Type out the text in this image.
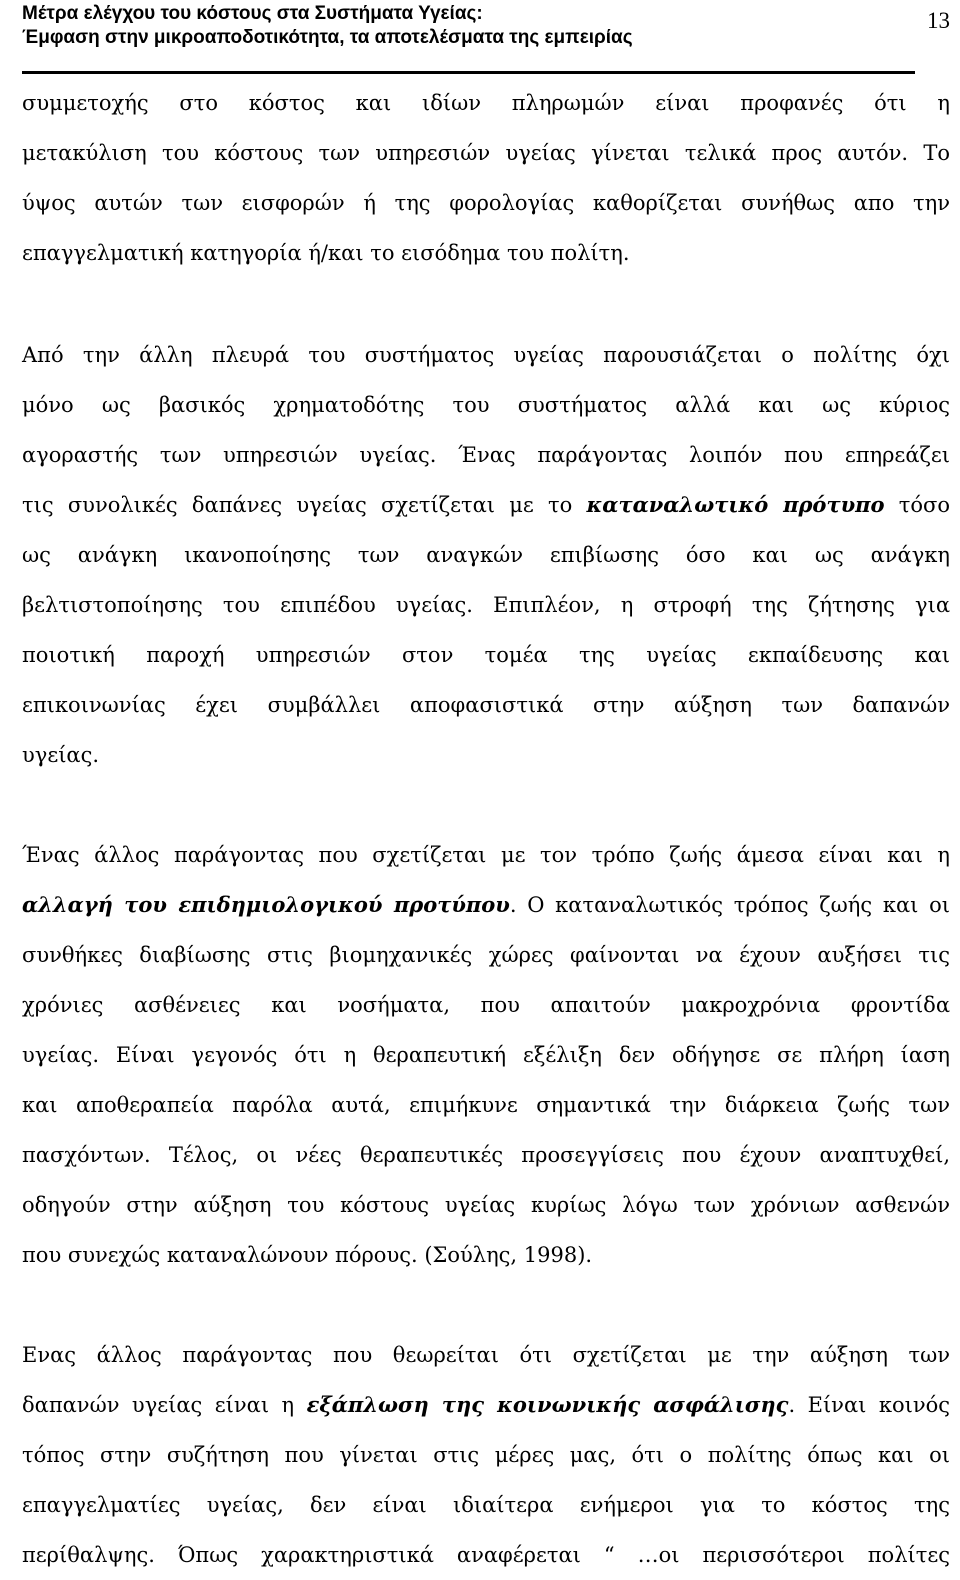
Μέτρα ελέγχου του κόστους στα Συστήματα Υγείας:
Έμφαση στην μικροαποδοτικότητα, τα αποτελέσματα της εμπειρίας
13
συμμετοχής στο κόστος και ιδίων πληρωμών είναι προφανές ότι η
μετακύλιση του κόστους των υπηρεσιών υγείας γίνεται τελικά προς αυτόν. Το
ύψος αυτών των εισφορών ή της φορολογίας καθορίζεται συνήθως απο την
επαγγελματική κατηγορία ή/και το εισόδημα του πολίτη.
Από την άλλη πλευρά του συστήματος υγείας παρουσιάζεται ο πολίτης όχι
μόνο ως βασικός χρηματοδότης του συστήματος αλλά και ως κύριος
αγοραστής των υπηρεσιών υγείας. Ένας παράγοντας λοιπόν που επηρεάζει
τις συνολικές δαπάνες υγείας σχετίζεται με το καταναλωτικό πρότυπο τόσο
ως ανάγκη ικανοποίησης των αναγκών επιβίωσης όσο και ως ανάγκη
βελτιστοποίησης του επιπέδου υγείας. Επιπλέον, η στροφή της ζήτησης για
ποιοτική παροχή υπηρεσιών στον τομέα της υγείας εκπαίδευσης και
επικοινωνίας έχει συμβάλλει αποφασιστικά στην αύξηση των δαπανών
υγείας.
Ένας άλλος παράγοντας που σχετίζεται με τον τρόπο ζωής άμεσα είναι και η
αλλαγή του επιδημιολογικού προτύπου. Ο καταναλωτικός τρόπος ζωής και οι
συνθήκες διαβίωσης στις βιομηχανικές χώρες φαίνονται να έχουν αυξήσει τις
χρόνιες ασθένειες και νοσήματα, που απαιτούν μακροχρόνια φροντίδα
υγείας. Είναι γεγονός ότι η θεραπευτική εξέλιξη δεν οδήγησε σε πλήρη ίαση
και αποθεραπεία παρόλα αυτά, επιμήκυνε σημαντικά την διάρκεια ζωής των
πασχόντων. Τέλος, οι νέες θεραπευτικές προσεγγίσεις που έχουν αναπτυχθεί,
οδηγούν στην αύξηση του κόστους υγείας κυρίως λόγω των χρόνιων ασθενών
που συνεχώς καταναλώνουν πόρους. (Σούλης, 1998).
Ενας άλλος παράγοντας που θεωρείται ότι σχετίζεται με την αύξηση των
δαπανών υγείας είναι η εξάπλωση της κοινωνικής ασφάλισης. Είναι κοινός
τόπος στην συζήτηση που γίνεται στις μέρες μας, ότι ο πολίτης όπως και οι
επαγγελματίες υγείας, δεν είναι ιδιαίτερα ενήμεροι για το κόστος της
περίθαλψης. Όπως χαρακτηριστικά αναφέρεται “ …οι περισσότεροι πολίτες
